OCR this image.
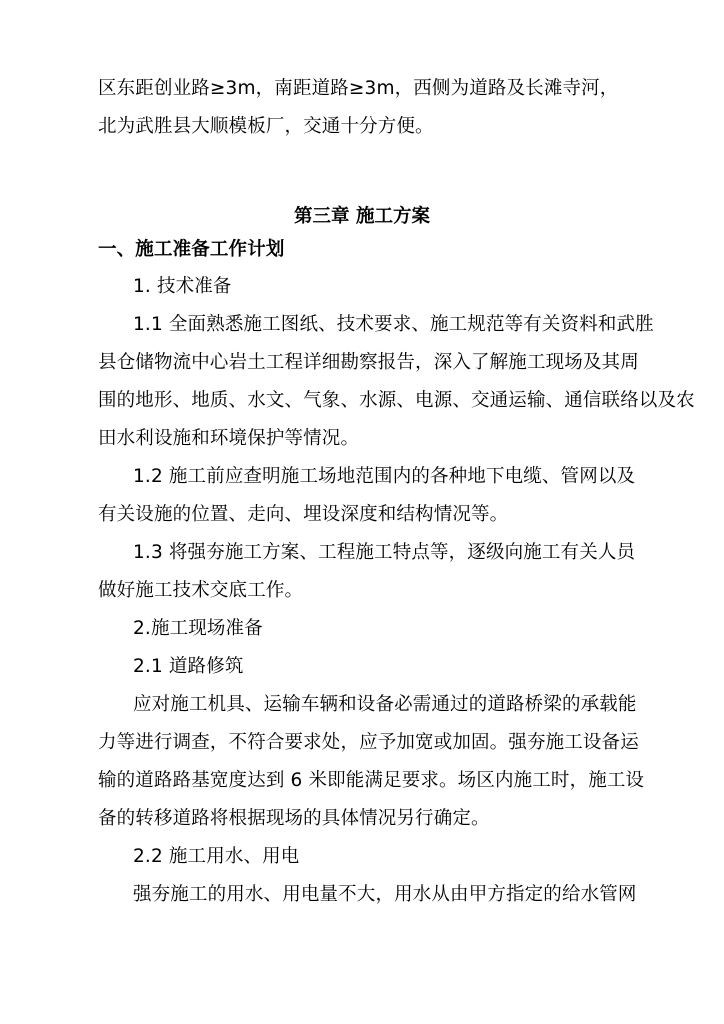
区东距创业路≥3m，南距道路≥3m，西侧为道路及长滩寺河，
北为武胜县大顺模板厂，交通十分方便。
第三章 施工方案
一、施工准备工作计划
1. 技术准备
1.1 全面熟悉施工图纸、技术要求、施工规范等有关资料和武胜
县仓储物流中心岩土工程详细勘察报告，深入了解施工现场及其周
围的地形、地质、水文、气象、水源、电源、交通运输、通信联络以及农
田水利设施和环境保护等情况。
1.2 施工前应查明施工场地范围内的各种地下电缆、管网以及
有关设施的位置、走向、埋设深度和结构情况等。
1.3 将强夯施工方案、工程施工特点等，逐级向施工有关人员
做好施工技术交底工作。
2.施工现场准备
2.1 道路修筑
应对施工机具、运输车辆和设备必需通过的道路桥梁的承载能
力等进行调查，不符合要求处，应予加宽或加固。强夯施工设备运
输的道路路基宽度达到 6 米即能满足要求。场区内施工时，施工设
备的转移道路将根据现场的具体情况另行确定。
2.2 施工用水、用电
强夯施工的用水、用电量不大，用水从由甲方指定的给水管网
